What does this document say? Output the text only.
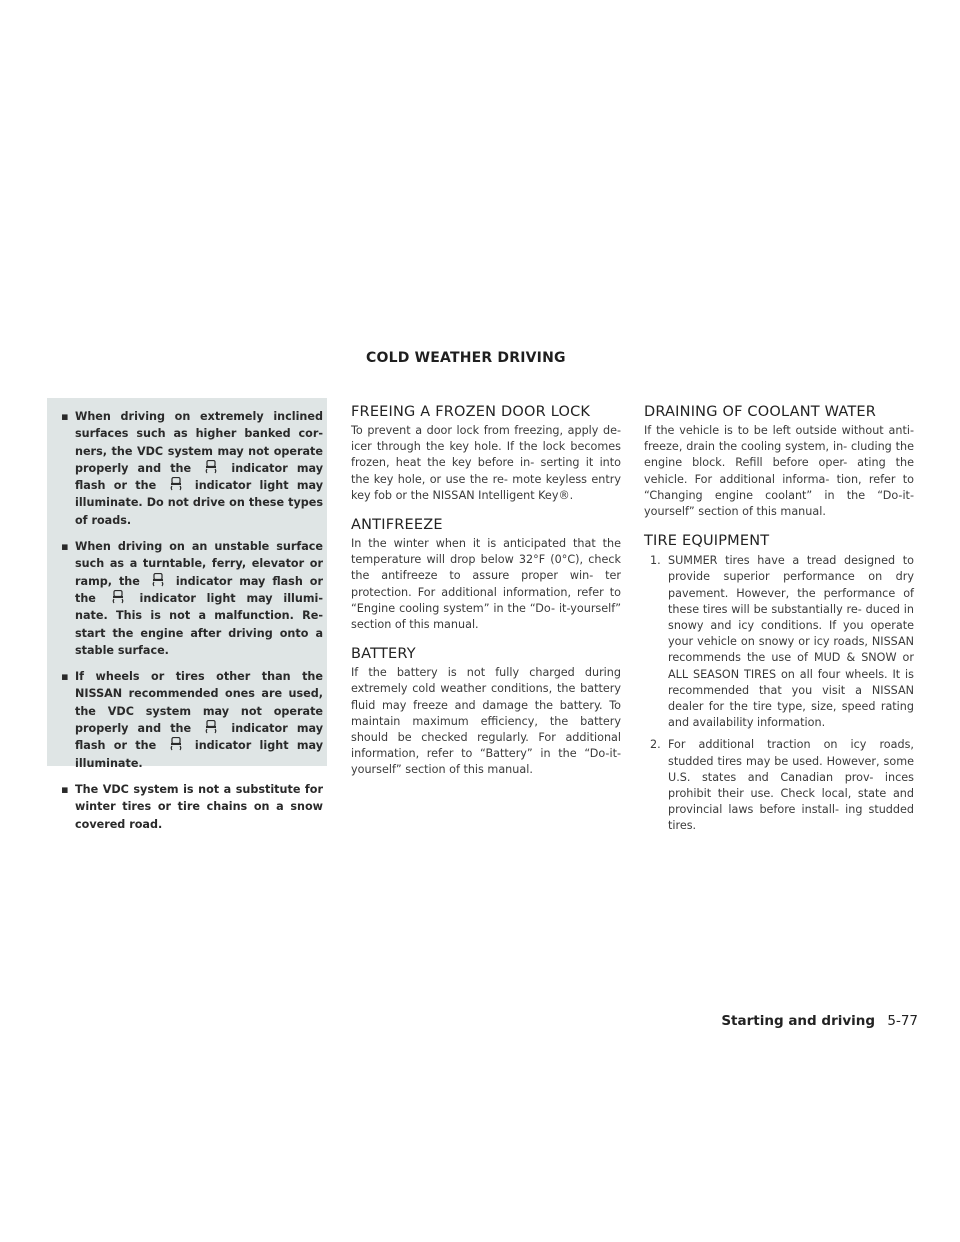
COLD WEATHER DRIVING
▪ When driving on extremely inclined surfaces such as higher banked cor- ners, the VDC system may not operate properly and the	indicator may flash or the	indicator light may illuminate. Do not drive on these types of roads.
▪ When driving on an unstable surface such as a turntable, ferry, elevator or ramp, the	indicator may flash or the	indicator light may illumi- nate. This is not a malfunction. Re- start the engine after driving onto a stable surface.
▪ If wheels or tires other than the NISSAN recommended ones are used, the VDC system may not operate properly and the	indicator may flash or the	indicator light may illuminate.
▪ The VDC system is not a substitute for winter tires or tire chains on a snow covered road.
FREEING A FROZEN DOOR LOCK

To prevent a door lock from freezing, apply de-icer through the key hole. If the lock becomes frozen, heat the key before in- serting it into the key hole, or use the re- mote keyless entry key fob or the NISSAN Intelligent Key®.

ANTIFREEZE

In the winter when it is anticipated that the temperature will drop below 32°F (0°C), check the antifreeze to assure proper win- ter protection. For additional information, refer to “Engine cooling system” in the “Do- it-yourself” section of this manual.

BATTERY

If the battery is not fully charged during extremely cold weather conditions, the battery fluid may freeze and damage the battery. To maintain maximum efficiency, the battery should be checked regularly. For additional information, refer to “Battery” in the “Do-it-yourself” section of this manual.

DRAINING OF COOLANT WATER

If the vehicle is to be left outside without anti-freeze, drain the cooling system, in- cluding the engine block. Refill before oper- ating the vehicle. For additional informa- tion, refer to “Changing engine coolant” in the “Do-it-yourself” section of this manual.

TIRE EQUIPMENT
1. SUMMER tires have a tread designed to provide superior performance on dry pavement. However, the performance of these tires will be substantially re- duced in snowy and icy conditions. If you operate your vehicle on snowy or icy roads, NISSAN recommends the use of MUD & SNOW or ALL SEASON TIRES on all four wheels. It is recommended that you visit a NISSAN dealer for the tire type, size, speed rating and availability information.
2. For additional traction on icy roads, studded tires may be used. However, some U.S. states and Canadian prov- inces prohibit their use. Check local, state and provincial laws before install- ing studded tires.
Starting and driving 5-77
